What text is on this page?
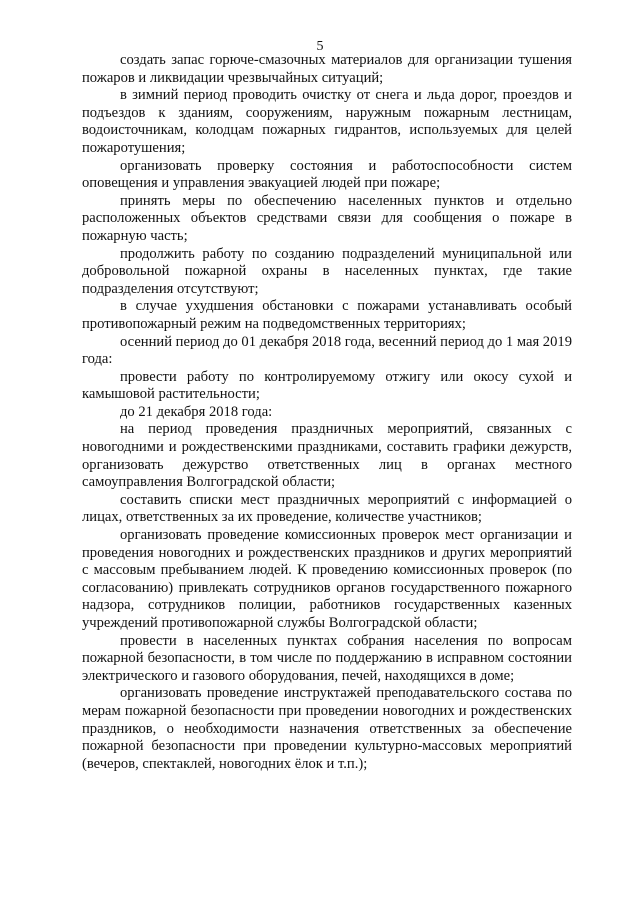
5

создать запас горюче-смазочных материалов для организации тушения пожаров и ликвидации чрезвычайных ситуаций;

в зимний период проводить очистку от снега и льда дорог, проездов и подъездов к зданиям, сооружениям, наружным пожарным лестницам, водоисточникам, колодцам пожарных гидрантов, используемых для целей пожаротушения;

организовать проверку состояния и работоспособности систем оповещения и управления эвакуацией людей при пожаре;

принять меры по обеспечению населенных пунктов и отдельно расположенных объектов средствами связи для сообщения о пожаре в пожарную часть;

продолжить работу по созданию подразделений муниципальной или добровольной пожарной охраны в населенных пунктах, где такие подразделения отсутствуют;

в случае ухудшения обстановки с пожарами устанавливать особый противопожарный режим на подведомственных территориях;

осенний период до 01 декабря 2018 года, весенний период до 1 мая 2019 года:

провести работу по контролируемому отжигу или окосу сухой и камышовой растительности;

до 21 декабря 2018 года:

на период проведения праздничных мероприятий, связанных с новогодними и рождественскими праздниками, составить графики дежурств, организовать дежурство ответственных лиц в органах местного самоуправления Волгоградской области;

составить списки мест праздничных мероприятий с информацией о лицах, ответственных за их проведение, количестве участников;

организовать проведение комиссионных проверок мест организации и проведения новогодних и рождественских праздников и других мероприятий с массовым пребыванием людей. К проведению комиссионных проверок (по согласованию) привлекать сотрудников органов государственного пожарного надзора, сотрудников полиции, работников государственных казенных учреждений противопожарной службы Волгоградской области;

провести в населенных пунктах собрания населения по вопросам пожарной безопасности, в том числе по поддержанию в исправном состоянии электрического и газового оборудования, печей, находящихся в доме;

организовать проведение инструктажей преподавательского состава по мерам пожарной безопасности при проведении новогодних и рождественских праздников, о необходимости назначения ответственных за обеспечение пожарной безопасности при проведении культурно-массовых мероприятий (вечеров, спектаклей, новогодних ёлок и т.п.);
